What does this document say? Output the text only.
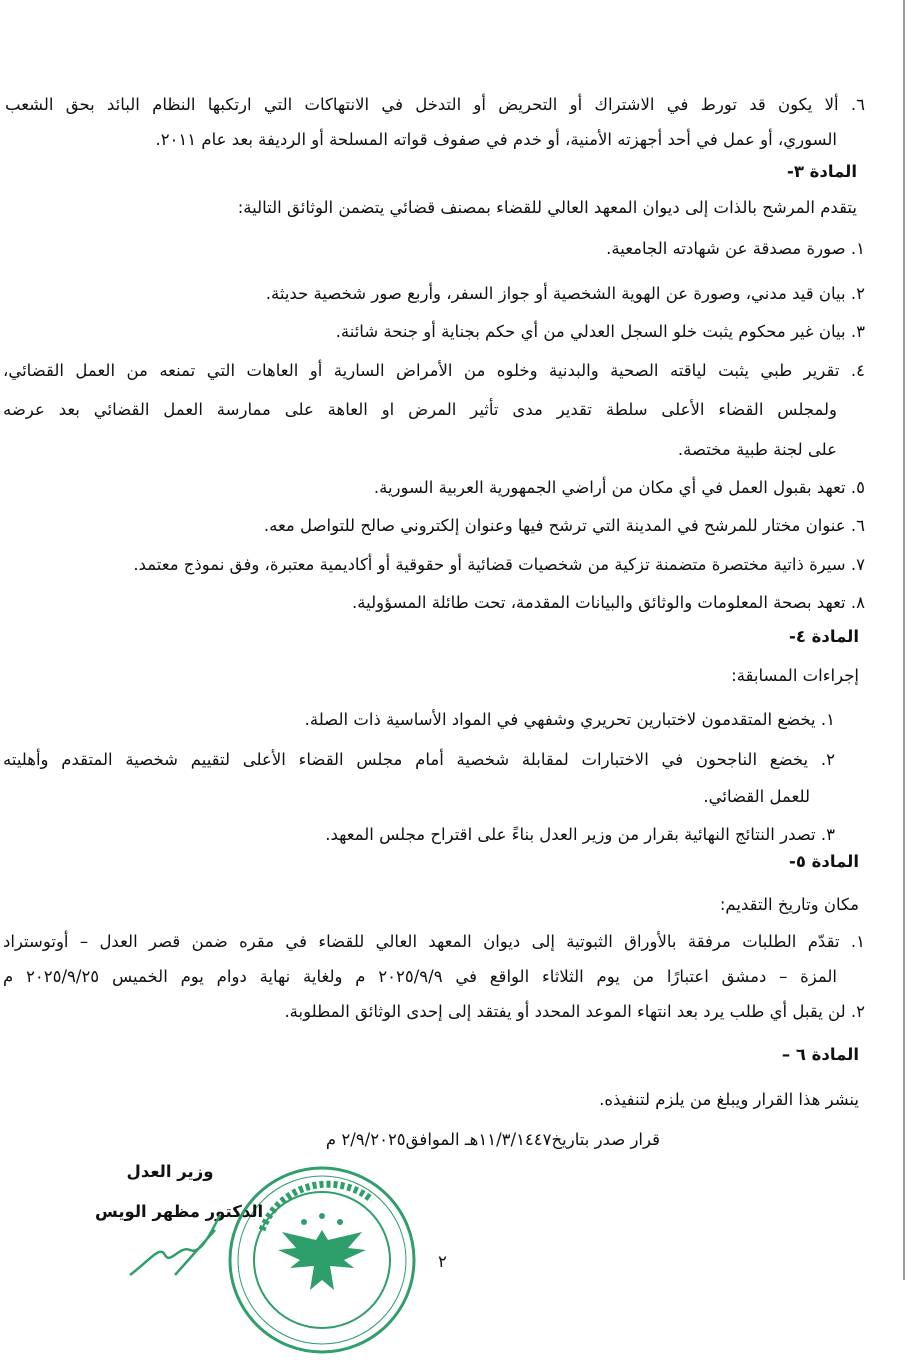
٦. ألا يكون قد تورط في الاشتراك أو التحريض أو التدخل في الانتهاكات التي ارتكبها النظام البائد بحق الشعب
السوري، أو عمل في أحد أجهزته الأمنية، أو خدم في صفوف قواته المسلحة أو الرديفة بعد عام ٢٠١١.
المادة ٣-
يتقدم المرشح بالذات إلى ديوان المعهد العالي للقضاء بمصنف قضائي يتضمن الوثائق التالية:
١. صورة مصدقة عن شهادته الجامعية.
٢. بيان قيد مدني، وصورة عن الهوية الشخصية أو جواز السفر، وأربع صور شخصية حديثة.
٣. بيان غير محكوم يثبت خلو السجل العدلي من أي حكم بجناية أو جنحة شائنة.
٤. تقرير طبي يثبت لياقته الصحية والبدنية وخلوه من الأمراض السارية أو العاهات التي تمنعه من العمل القضائي،
ولمجلس القضاء الأعلى سلطة تقدير مدى تأثير المرض او العاهة على ممارسة العمل القضائي بعد عرضه
على لجنة طبية مختصة.
٥. تعهد بقبول العمل في أي مكان من أراضي الجمهورية العربية السورية.
٦. عنوان مختار للمرشح في المدينة التي ترشح فيها وعنوان إلكتروني صالح للتواصل معه.
٧. سيرة ذاتية مختصرة متضمنة تزكية من شخصيات قضائية أو حقوقية أو أكاديمية معتبرة، وفق نموذج معتمد.
٨. تعهد بصحة المعلومات والوثائق والبيانات المقدمة، تحت طائلة المسؤولية.
المادة ٤-
إجراءات المسابقة:
١. يخضع المتقدمون لاختبارين تحريري وشفهي في المواد الأساسية ذات الصلة.
٢. يخضع الناجحون في الاختبارات لمقابلة شخصية أمام مجلس القضاء الأعلى لتقييم شخصية المتقدم وأهليته
للعمل القضائي.
٣. تصدر النتائج النهائية بقرار من وزير العدل بناءً على اقتراح مجلس المعهد.
المادة ٥-
مكان وتاريخ التقديم:
١. تقدّم الطلبات مرفقة بالأوراق الثبوتية إلى ديوان المعهد العالي للقضاء في مقره ضمن قصر العدل – أوتوستراد
المزة – دمشق اعتبارًا من يوم الثلاثاء الواقع في ٢٠٢٥/٩/٩ م ولغاية نهاية دوام يوم الخميس ٢٠٢٥/٩/٢٥ م
٢. لن يقبل أي طلب يرد بعد انتهاء الموعد المحدد أو يفتقد إلى إحدى الوثائق المطلوبة.
المادة ٦ –
ينشر هذا القرار ويبلغ من يلزم لتنفيذه.
قرار صدر بتاريخ١١/٣/١٤٤٧هـ الموافق٢/٩/٢٠٢٥ م
وزير العدل
الدكتور مظهر الويس
٢
